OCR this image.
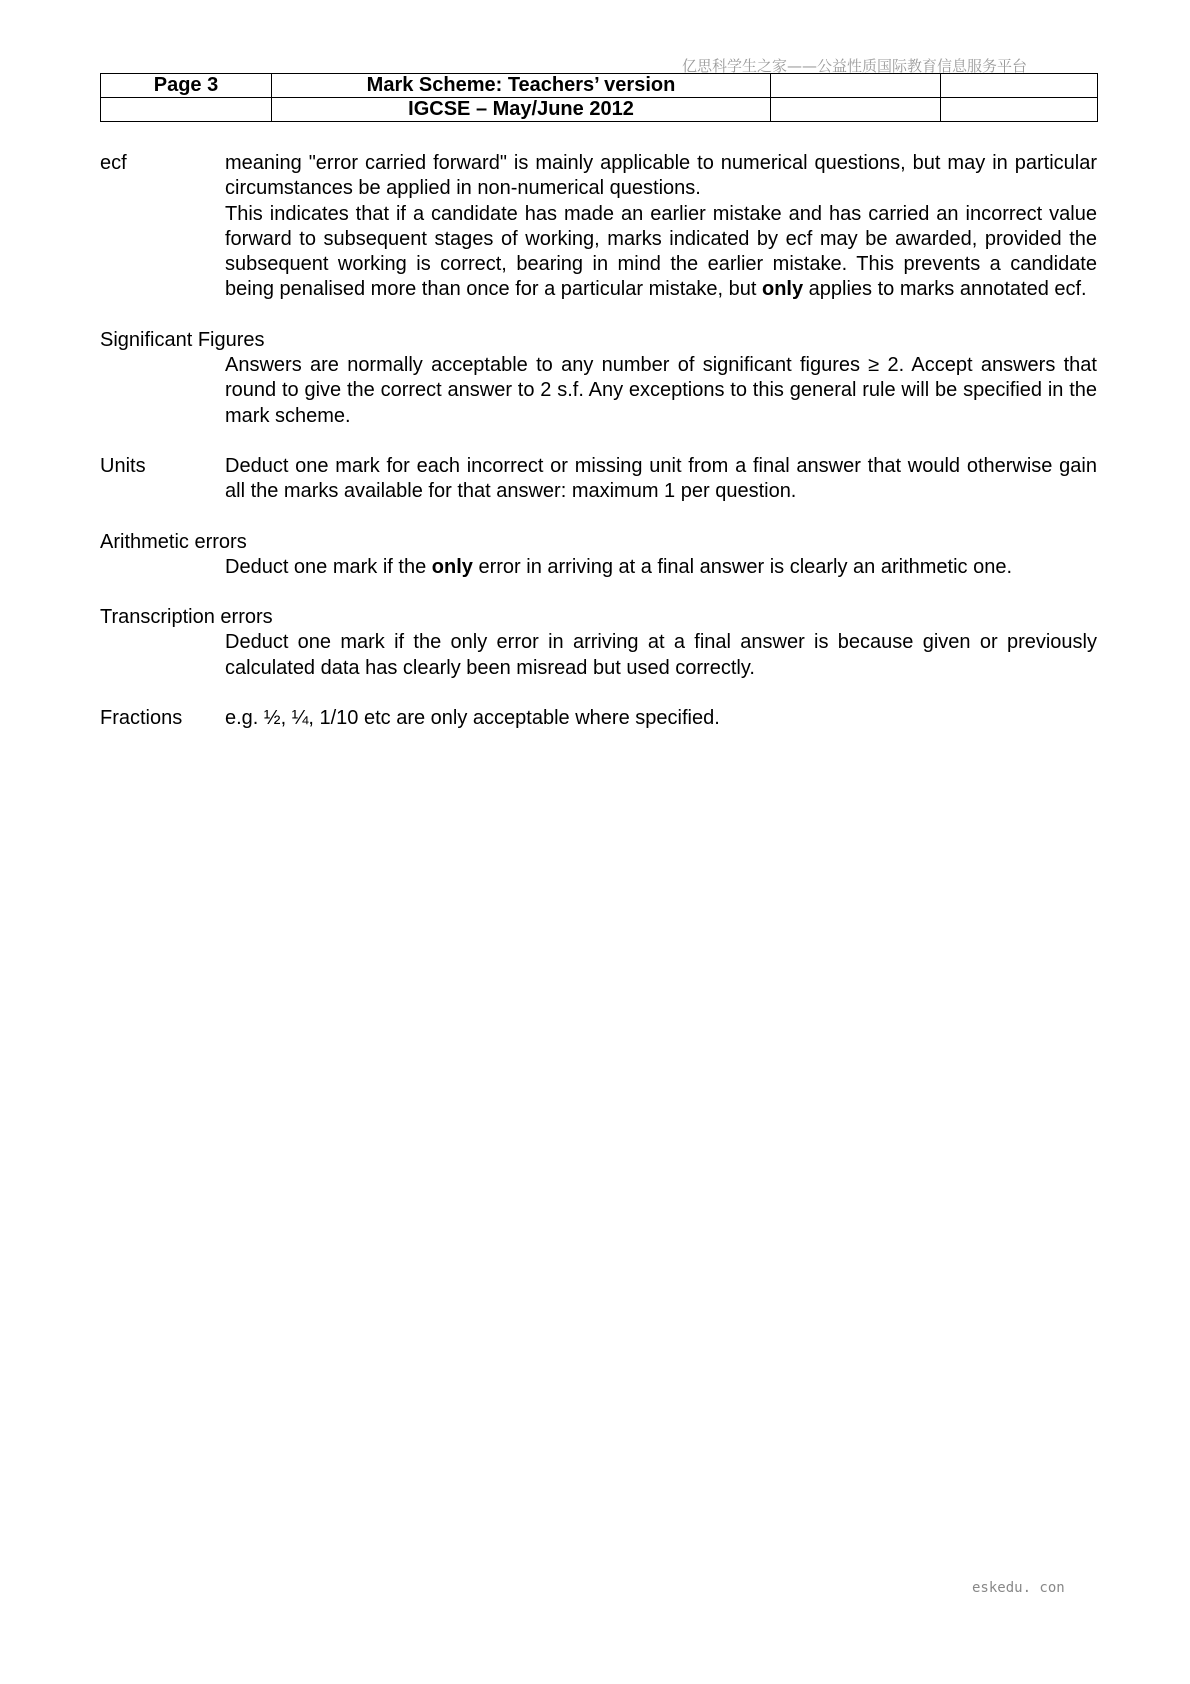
亿思科学生之家——公益性质国际教育信息服务平台
Page 3	Mark Scheme: Teachers’ version		
	IGCSE – May/June 2012		
ecf	meaning "error carried forward" is mainly applicable to numerical questions, but may in particular circumstances be applied in non-numerical questions.

This indicates that if a candidate has made an earlier mistake and has carried an incorrect value forward to subsequent stages of working, marks indicated by ecf may be awarded, provided the subsequent working is correct, bearing in mind the earlier mistake. This prevents a candidate being penalised more than once for a particular mistake, but only applies to marks annotated ecf.

Significant Figures

Answers are normally acceptable to any number of significant figures ≥ 2. Accept answers that round to give the correct answer to 2 s.f. Any exceptions to this general rule will be specified in the mark scheme.

Units	Deduct one mark for each incorrect or missing unit from a final answer that would otherwise gain all the marks available for that answer: maximum 1 per question.

Arithmetic errors

Deduct one mark if the only error in arriving at a final answer is clearly an arithmetic one.

Transcription errors

Deduct one mark if the only error in arriving at a final answer is because given or previously calculated data has clearly been misread but used correctly.

Fractions	e.g. ½, ¼, 1/10 etc are only acceptable where specified.

eskedu. con
